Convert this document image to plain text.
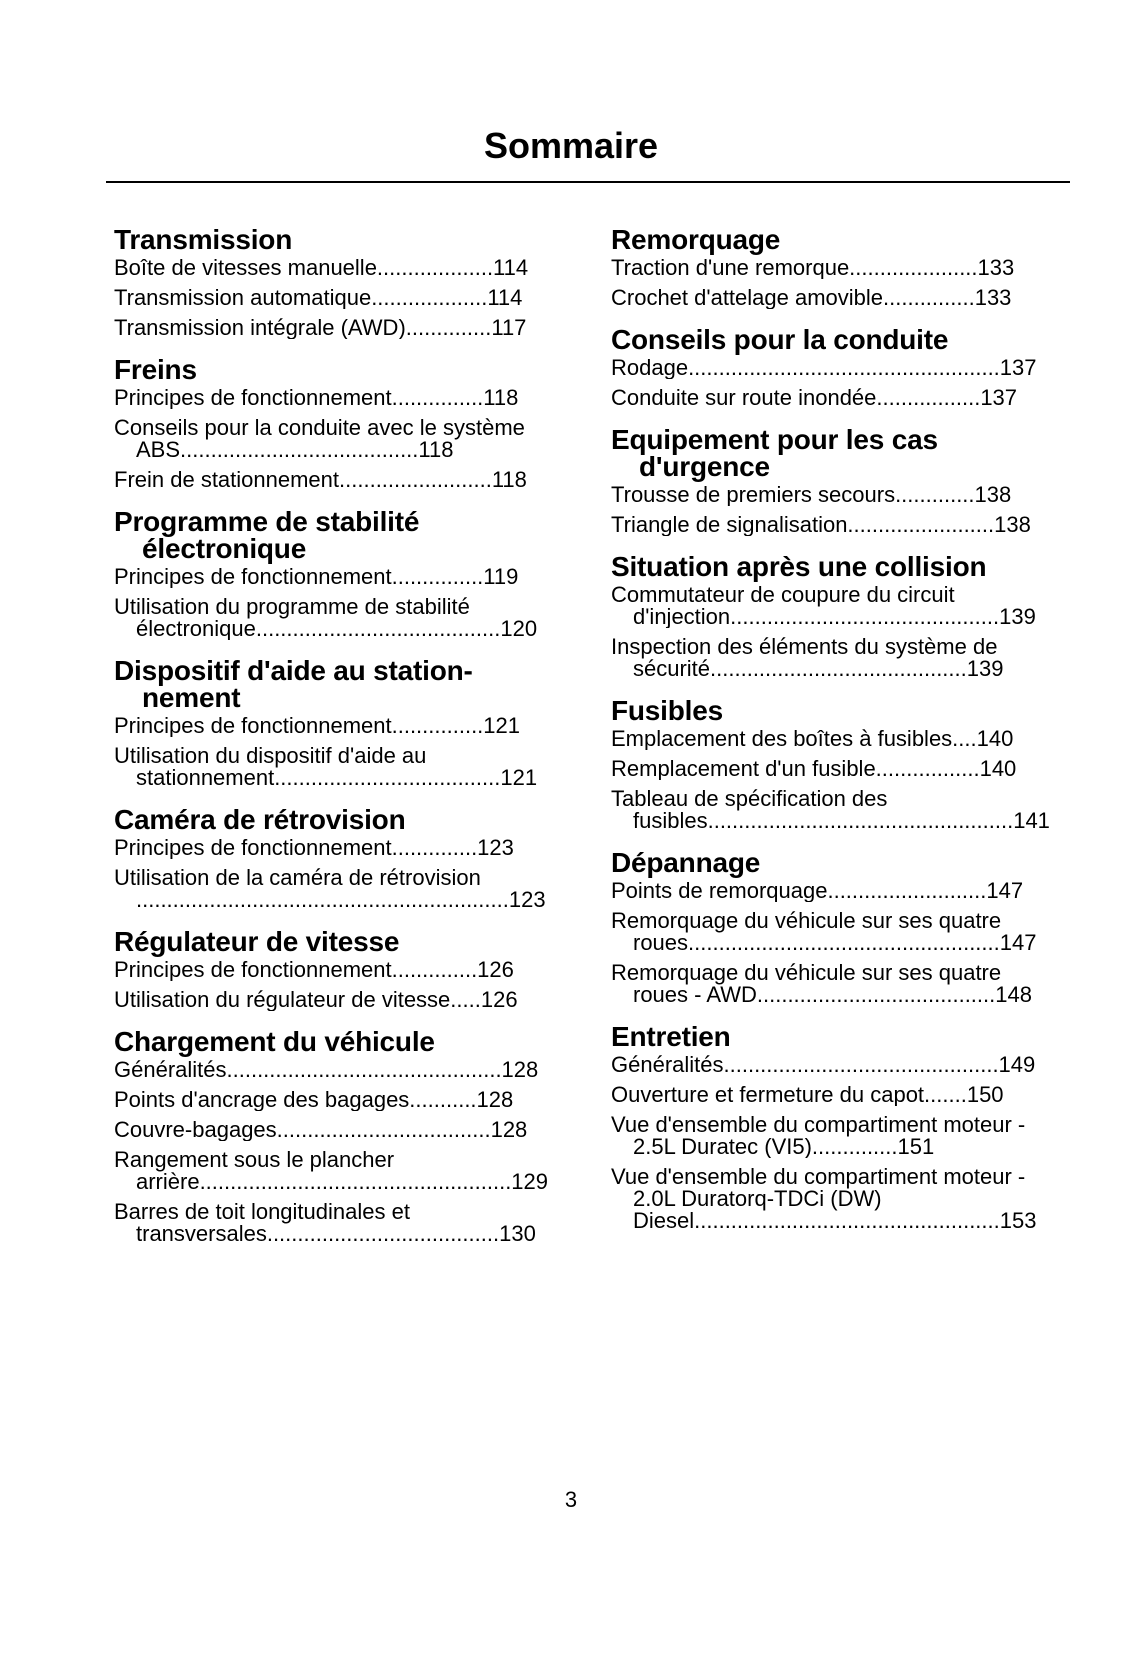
Sommaire
Transmission
Boîte de vitesses manuelle...................114
Transmission automatique...................114
Transmission intégrale (AWD)..............117
Freins
Principes de fonctionnement...............118
Conseils pour la conduite avec le système ABS.......................................118
Frein de stationnement.........................118
Programme de stabilité électronique
Principes de fonctionnement...............119
Utilisation du programme de stabilité électronique........................................120
Dispositif d'aide au station-nement
Principes de fonctionnement...............121
Utilisation du dispositif d'aide au stationnement.....................................121
Caméra de rétrovision
Principes de fonctionnement..............123
Utilisation de la caméra de rétrovision .............................................................123
Régulateur de vitesse
Principes de fonctionnement..............126
Utilisation du régulateur de vitesse.....126
Chargement du véhicule
Généralités.............................................128
Points d'ancrage des bagages...........128
Couvre-bagages...................................128
Rangement sous le plancher arrière...................................................129
Barres de toit longitudinales et transversales......................................130
Remorquage
Traction d'une remorque.....................133
Crochet d'attelage amovible...............133
Conseils pour la conduite
Rodage...................................................137
Conduite sur route inondée.................137
Equipement pour les cas d'urgence
Trousse de premiers secours.............138
Triangle de signalisation........................138
Situation après une collision
Commutateur de coupure du circuit d'injection............................................139
Inspection des éléments du système de sécurité..........................................139
Fusibles
Emplacement des boîtes à fusibles....140
Remplacement d'un fusible.................140
Tableau de spécification des fusibles..................................................141
Dépannage
Points de remorquage..........................147
Remorquage du véhicule sur ses quatre roues...................................................147
Remorquage du véhicule sur ses quatre roues - AWD.......................................148
Entretien
Généralités.............................................149
Ouverture et fermeture du capot.......150
Vue d'ensemble du compartiment moteur - 2.5L Duratec (VI5)..............151
Vue d'ensemble du compartiment moteur - 2.0L Duratorq-TDCi (DW) Diesel..................................................153
3
